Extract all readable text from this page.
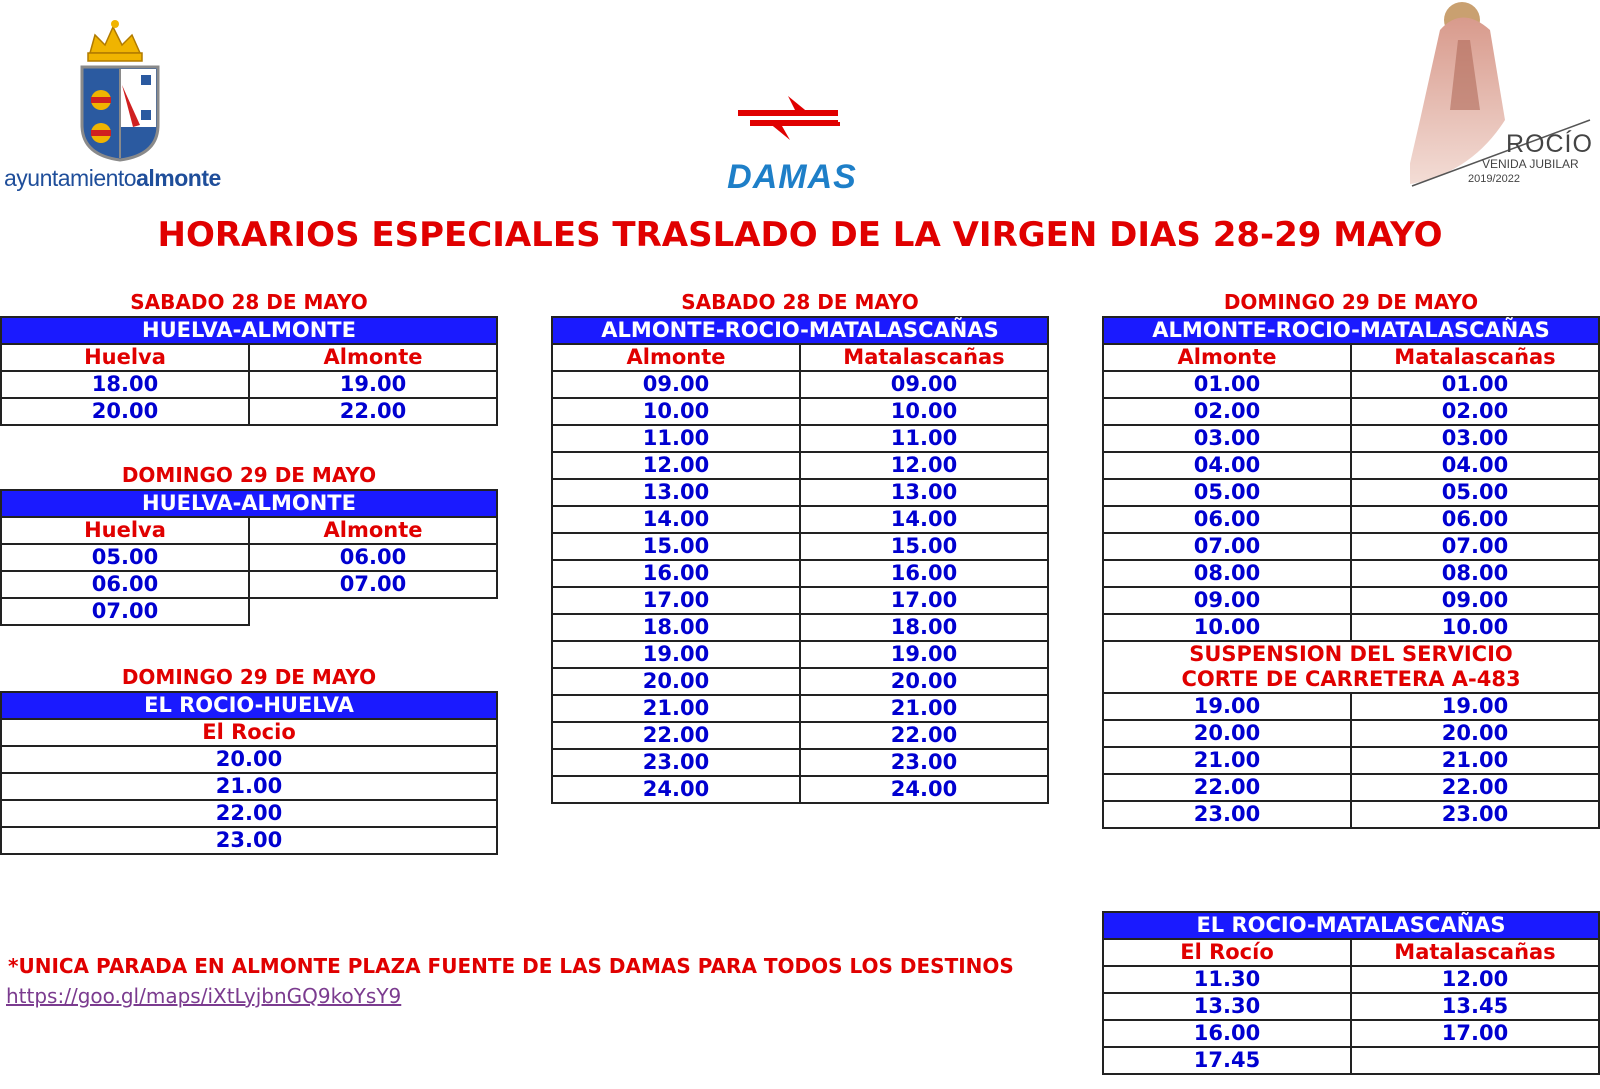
ayuntamientoalmonte	DAMAS
ROCÍO
VENIDA JUBILAR
2019/2022
HORARIOS ESPECIALES TRASLADO DE LA VIRGEN DIAS 28-29 MAYO
SABADO 28 DE MAYO
HUELVA-ALMONTE	
Huelva	Almonte
18.00	19.00
20.00	22.00
DOMINGO 29 DE MAYO
HUELVA-ALMONTE	
Huelva	Almonte
05.00	06.00
06.00	07.00
07.00	
DOMINGO 29 DE MAYO
EL ROCIO-HUELVA
El Rocio
20.00
21.00
22.00
23.00
SABADO 28 DE MAYO
ALMONTE-ROCIO-MATALASCAÑAS	
Almonte	Matalascañas
09.00	09.00
10.00	10.00
11.00	11.00
12.00	12.00
13.00	13.00
14.00	14.00
15.00	15.00
16.00	16.00
17.00	17.00
18.00	18.00
19.00	19.00
20.00	20.00
21.00	21.00
22.00	22.00
23.00	23.00
24.00	24.00
DOMINGO 29 DE MAYO
ALMONTE-ROCIO-MATALASCAÑAS	
Almonte	Matalascañas
01.00	01.00
02.00	02.00
03.00	03.00
04.00	04.00
05.00	05.00
06.00	06.00
07.00	07.00
08.00	08.00
09.00	09.00
10.00	10.00
SUSPENSION DEL SERVICIO	
CORTE DE CARRETERA A-483	
19.00	19.00
20.00	20.00
21.00	21.00
22.00	22.00
23.00	23.00
EL ROCIO-MATALASCAÑAS	
El Rocío	Matalascañas
11.30	12.00
13.30	13.45
16.00	17.00
17.45	
*UNICA PARADA EN ALMONTE PLAZA FUENTE DE LAS DAMAS PARA TODOS LOS DESTINOS
https://goo.gl/maps/iXtLyjbnGQ9koYsY9
